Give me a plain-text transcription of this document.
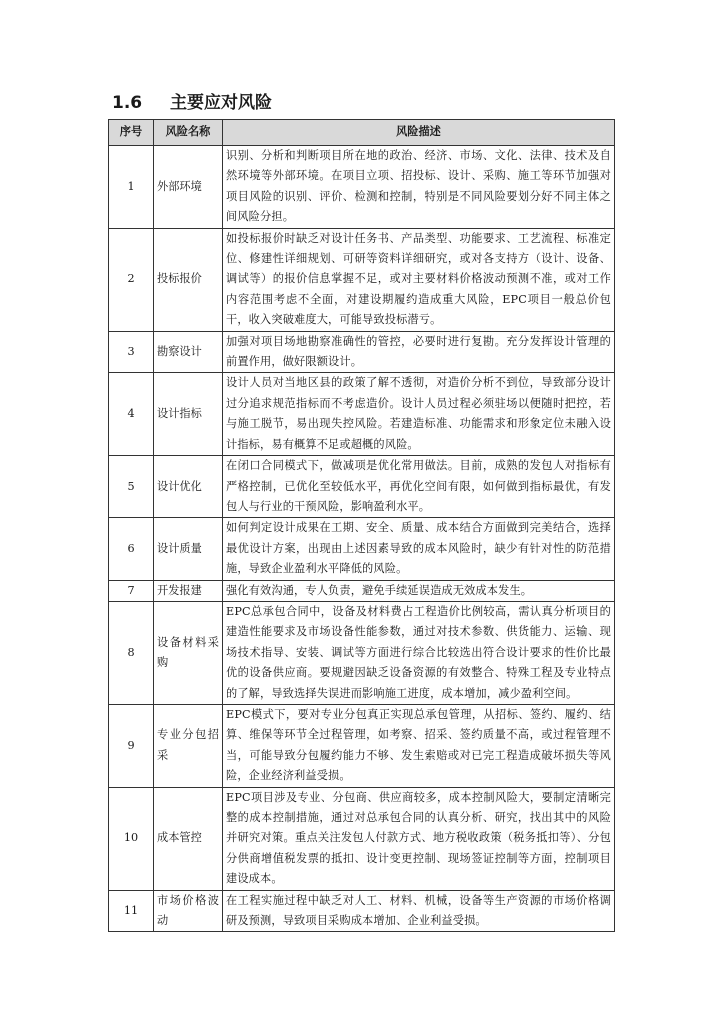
1.6 主要应对风险
序号	风险名称	风险描述
1	外部环境	识别、分析和判断项目所在地的政治、经济、市场、文化、法律、技术及自然环境等外部环境。在项目立项、招投标、设计、采购、施工等环节加强对项目风险的识别、评价、检测和控制，特别是不同风险要划分好不同主体之间风险分担。
2	投标报价	如投标报价时缺乏对设计任务书、产品类型、功能要求、工艺流程、标准定位、修建性详细规划、可研等资料详细研究，或对各支持方（设计、设备、调试等）的报价信息掌握不足，或对主要材料价格波动预测不准，或对工作内容范围考虑不全面，对建设期履约造成重大风险，EPC项目一般总价包干，收入突破难度大，可能导致投标潜亏。
3	勘察设计	加强对项目场地勘察准确性的管控，必要时进行复勘。充分发挥设计管理的前置作用，做好限额设计。
4	设计指标	设计人员对当地区县的政策了解不透彻，对造价分析不到位，导致部分设计过分追求规范指标而不考虑造价。设计人员过程必须驻场以便随时把控，若与施工脱节，易出现失控风险。若建造标准、功能需求和形象定位未融入设计指标，易有概算不足或超概的风险。
5	设计优化	在闭口合同模式下，做减项是优化常用做法。目前，成熟的发包人对指标有严格控制，已优化至较低水平，再优化空间有限，如何做到指标最优，有发包人与行业的干预风险，影响盈利水平。
6	设计质量	如何判定设计成果在工期、安全、质量、成本结合方面做到完美结合，选择最优设计方案，出现由上述因素导致的成本风险时，缺少有针对性的防范措施，导致企业盈利水平降低的风险。
7	开发报建	强化有效沟通，专人负责，避免手续延误造成无效成本发生。
8	设备材料采购	EPC总承包合同中，设备及材料费占工程造价比例较高，需认真分析项目的建造性能要求及市场设备性能参数，通过对技术参数、供货能力、运输、现场技术指导、安装、调试等方面进行综合比较选出符合设计要求的性价比最优的设备供应商。要规避因缺乏设备资源的有效整合、特殊工程及专业特点的了解，导致选择失误进而影响施工进度，成本增加，减少盈利空间。
9	专业分包招采	EPC模式下，要对专业分包真正实现总承包管理，从招标、签约、履约、结算、维保等环节全过程管理，如考察、招采、签约质量不高，或过程管理不当，可能导致分包履约能力不够、发生索赔或对已完工程造成破坏损失等风险，企业经济利益受损。
10	成本管控	EPC项目涉及专业、分包商、供应商较多，成本控制风险大，要制定清晰完整的成本控制措施，通过对总承包合同的认真分析、研究，找出其中的风险并研究对策。重点关注发包人付款方式、地方税收政策（税务抵扣等）、分包分供商增值税发票的抵扣、设计变更控制、现场签证控制等方面，控制项目建设成本。
11	市场价格波动	在工程实施过程中缺乏对人工、材料、机械，设备等生产资源的市场价格调研及预测，导致项目采购成本增加、企业利益受损。
